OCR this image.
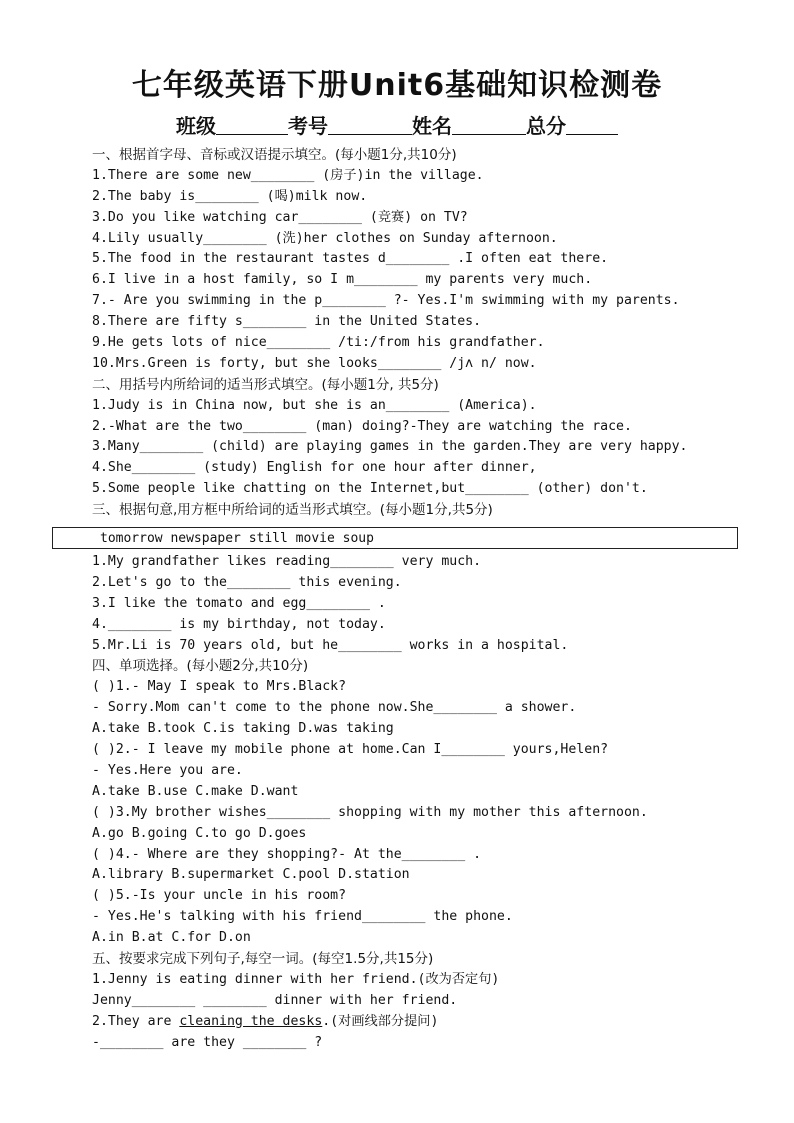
七年级英语下册Unit6基础知识检测卷
班级	考号	姓名	总分
一、根据首字母、音标或汉语提示填空。(每小题1分,共10分)
1.There are some new________ (房子)in the village.
2.The baby is________ (喝)milk now.
3.Do you like watching car________ (竞赛) on TV?
4.Lily usually________ (洗)her clothes on Sunday afternoon.
5.The food in the restaurant tastes d________ .I often eat there.
6.I live in a host family, so I m________ my parents very much.
7.- Are you swimming in the p________ ?- Yes.I'm swimming with my parents.
8.There are fifty s________ in the United States.
9.He gets lots of nice________ /ti:/from his grandfather.
10.Mrs.Green is forty, but she looks________ /jʌ n/ now.
二、用括号内所给词的适当形式填空。(每小题1分, 共5分)
1.Judy is in China now, but she is an________ (America).
2.-What are the two________ (man) doing?-They are watching the race.
3.Many________ (child) are playing games in the garden.They are very happy.
4.She________ (study) English for one hour after dinner,
5.Some people like chatting on the Internet,but________ (other) don't.
三、根据句意,用方框中所给词的适当形式填空。(每小题1分,共5分)
tomorrow newspaper still movie soup
1.My grandfather likes reading________ very much.
2.Let's go to the________ this evening.
3.I like the tomato and egg________ .
4.________ is my birthday, not today.
5.Mr.Li is 70 years old, but he________ works in a hospital.
四、单项选择。(每小题2分,共10分)
( )1.- May I speak to Mrs.Black?
- Sorry.Mom can't come to the phone now.She________ a shower.
A.take B.took C.is taking D.was taking
( )2.- I leave my mobile phone at home.Can I________ yours,Helen?
- Yes.Here you are.
A.take B.use C.make D.want
( )3.My brother wishes________ shopping with my mother this afternoon.
A.go B.going C.to go D.goes
( )4.- Where are they shopping?- At the________ .
A.library B.supermarket C.pool D.station
( )5.-Is your uncle in his room?
- Yes.He's talking with his friend________ the phone.
A.in B.at C.for D.on
五、按要求完成下列句子,每空一词。(每空1.5分,共15分)
1.Jenny is eating dinner with her friend.(改为否定句)
Jenny________ ________ dinner with her friend.
2.They are cleaning the desks.(对画线部分提问)
-________ are they ________ ?
